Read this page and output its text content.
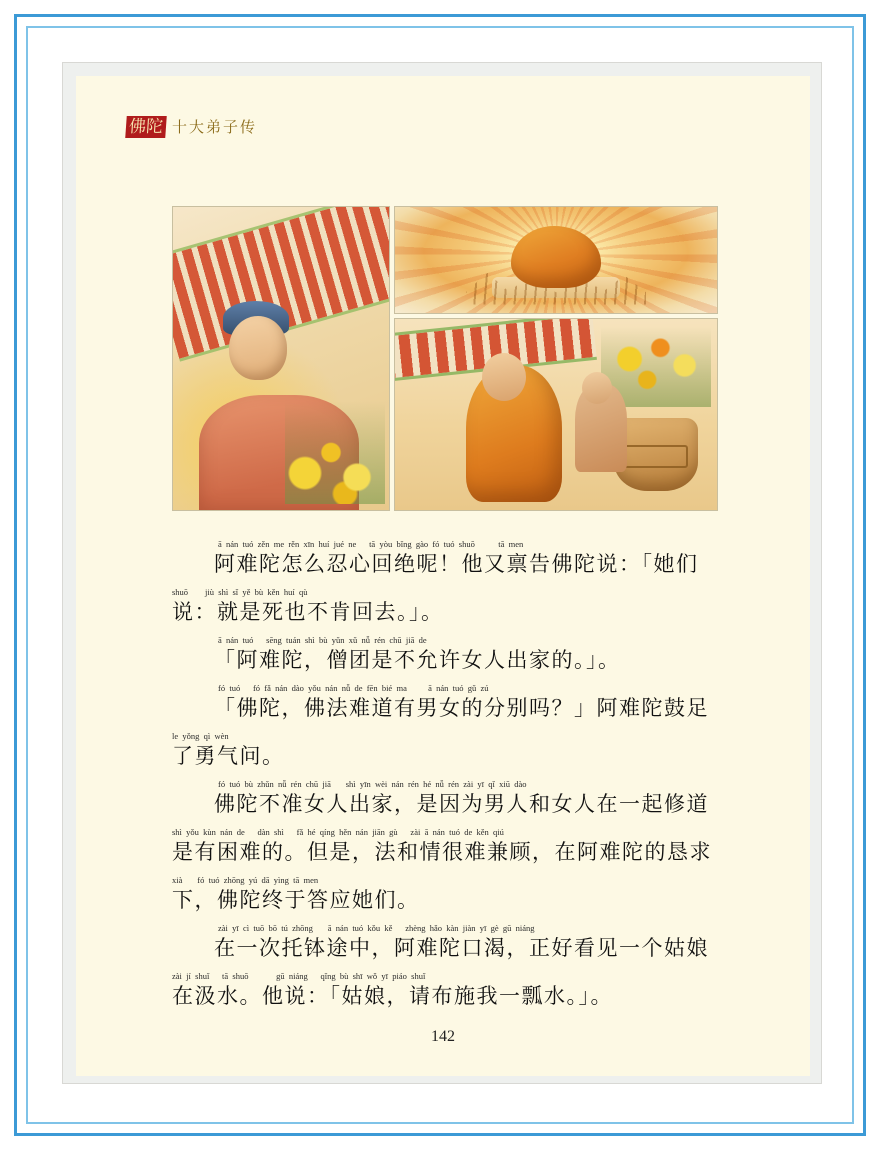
佛陀 十大弟子传
ā  nán  tuó  zěn  me  rěn  xīn  huí  jué  ne      tā  yòu  bǐng  gào  fó  tuó  shuō           tā  men
阿难陀怎么忍心回绝呢！他又禀告佛陀说：「她们
shuō        jiù  shì  sǐ  yě  bù  kěn  huí  qù
说：就是死也不肯回去。」。
ā  nán  tuó      sēng  tuán  shì  bù  yǔn  xǔ  nǚ  rén  chū  jiā  de
「阿难陀，僧团是不允许女人出家的。」。
fó  tuó      fó  fǎ  nán  dào  yǒu  nán  nǚ  de  fēn  bié  ma          ā  nán  tuó  gǔ  zú
「佛陀，佛法难道有男女的分别吗？」阿难陀鼓足
le  yǒng  qì  wèn
了勇气问。
fó  tuó  bù  zhǔn  nǚ  rén  chū  jiā       shì  yīn  wèi  nán  rén  hé  nǚ  rén  zài  yī  qǐ  xiū  dào
佛陀不准女人出家，是因为男人和女人在一起修道
shì  yǒu  kùn  nán  de      dàn  shì      fǎ  hé  qíng  hěn  nán  jiān  gù      zài  ā  nán  tuó  de  kěn  qiú
是有困难的。但是，法和情很难兼顾，在阿难陀的恳求
xià       fó  tuó  zhōng  yú  dā  yìng  tā  men
下，佛陀终于答应她们。
zài  yī  cì  tuō  bō  tú  zhōng       ā  nán  tuó  kǒu  kě      zhèng  hǎo  kàn  jiàn  yī  gè  gū  niáng
在一次托钵途中，阿难陀口渴，正好看见一个姑娘
zài  jí  shuǐ      tā  shuō             gū  niáng      qǐng  bù  shī  wǒ  yī  piáo  shuǐ
在汲水。他说：「姑娘，请布施我一瓢水。」。
142
